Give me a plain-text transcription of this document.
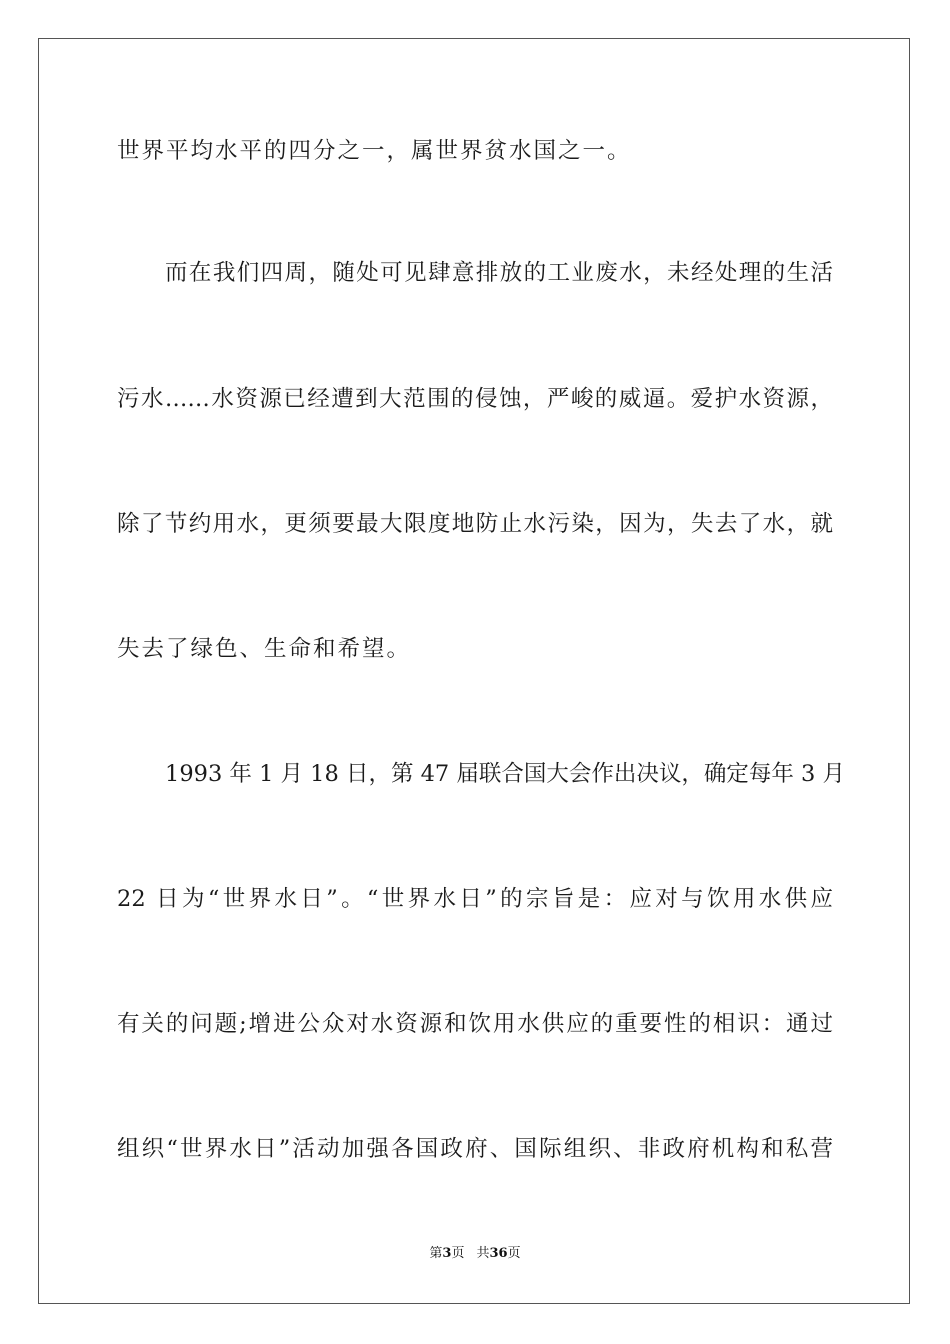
世界平均水平的四分之一，属世界贫水国之一。
而在我们四周，随处可见肆意排放的工业废水，未经处理的生活
污水……水资源已经遭到大范围的侵蚀，严峻的威逼。爱护水资源，
除了节约用水，更须要最大限度地防止水污染，因为，失去了水，就
失去了绿色、生命和希望。
1993 年 1 月 18 日，第 47 届联合国大会作出决议，确定每年 3 月
22 日为“世界水日”。“世界水日”的宗旨是：应对与饮用水供应
有关的问题;增进公众对水资源和饮用水供应的重要性的相识：通过
组织“世界水日”活动加强各国政府、国际组织、非政府机构和私营
第3页 共36页
